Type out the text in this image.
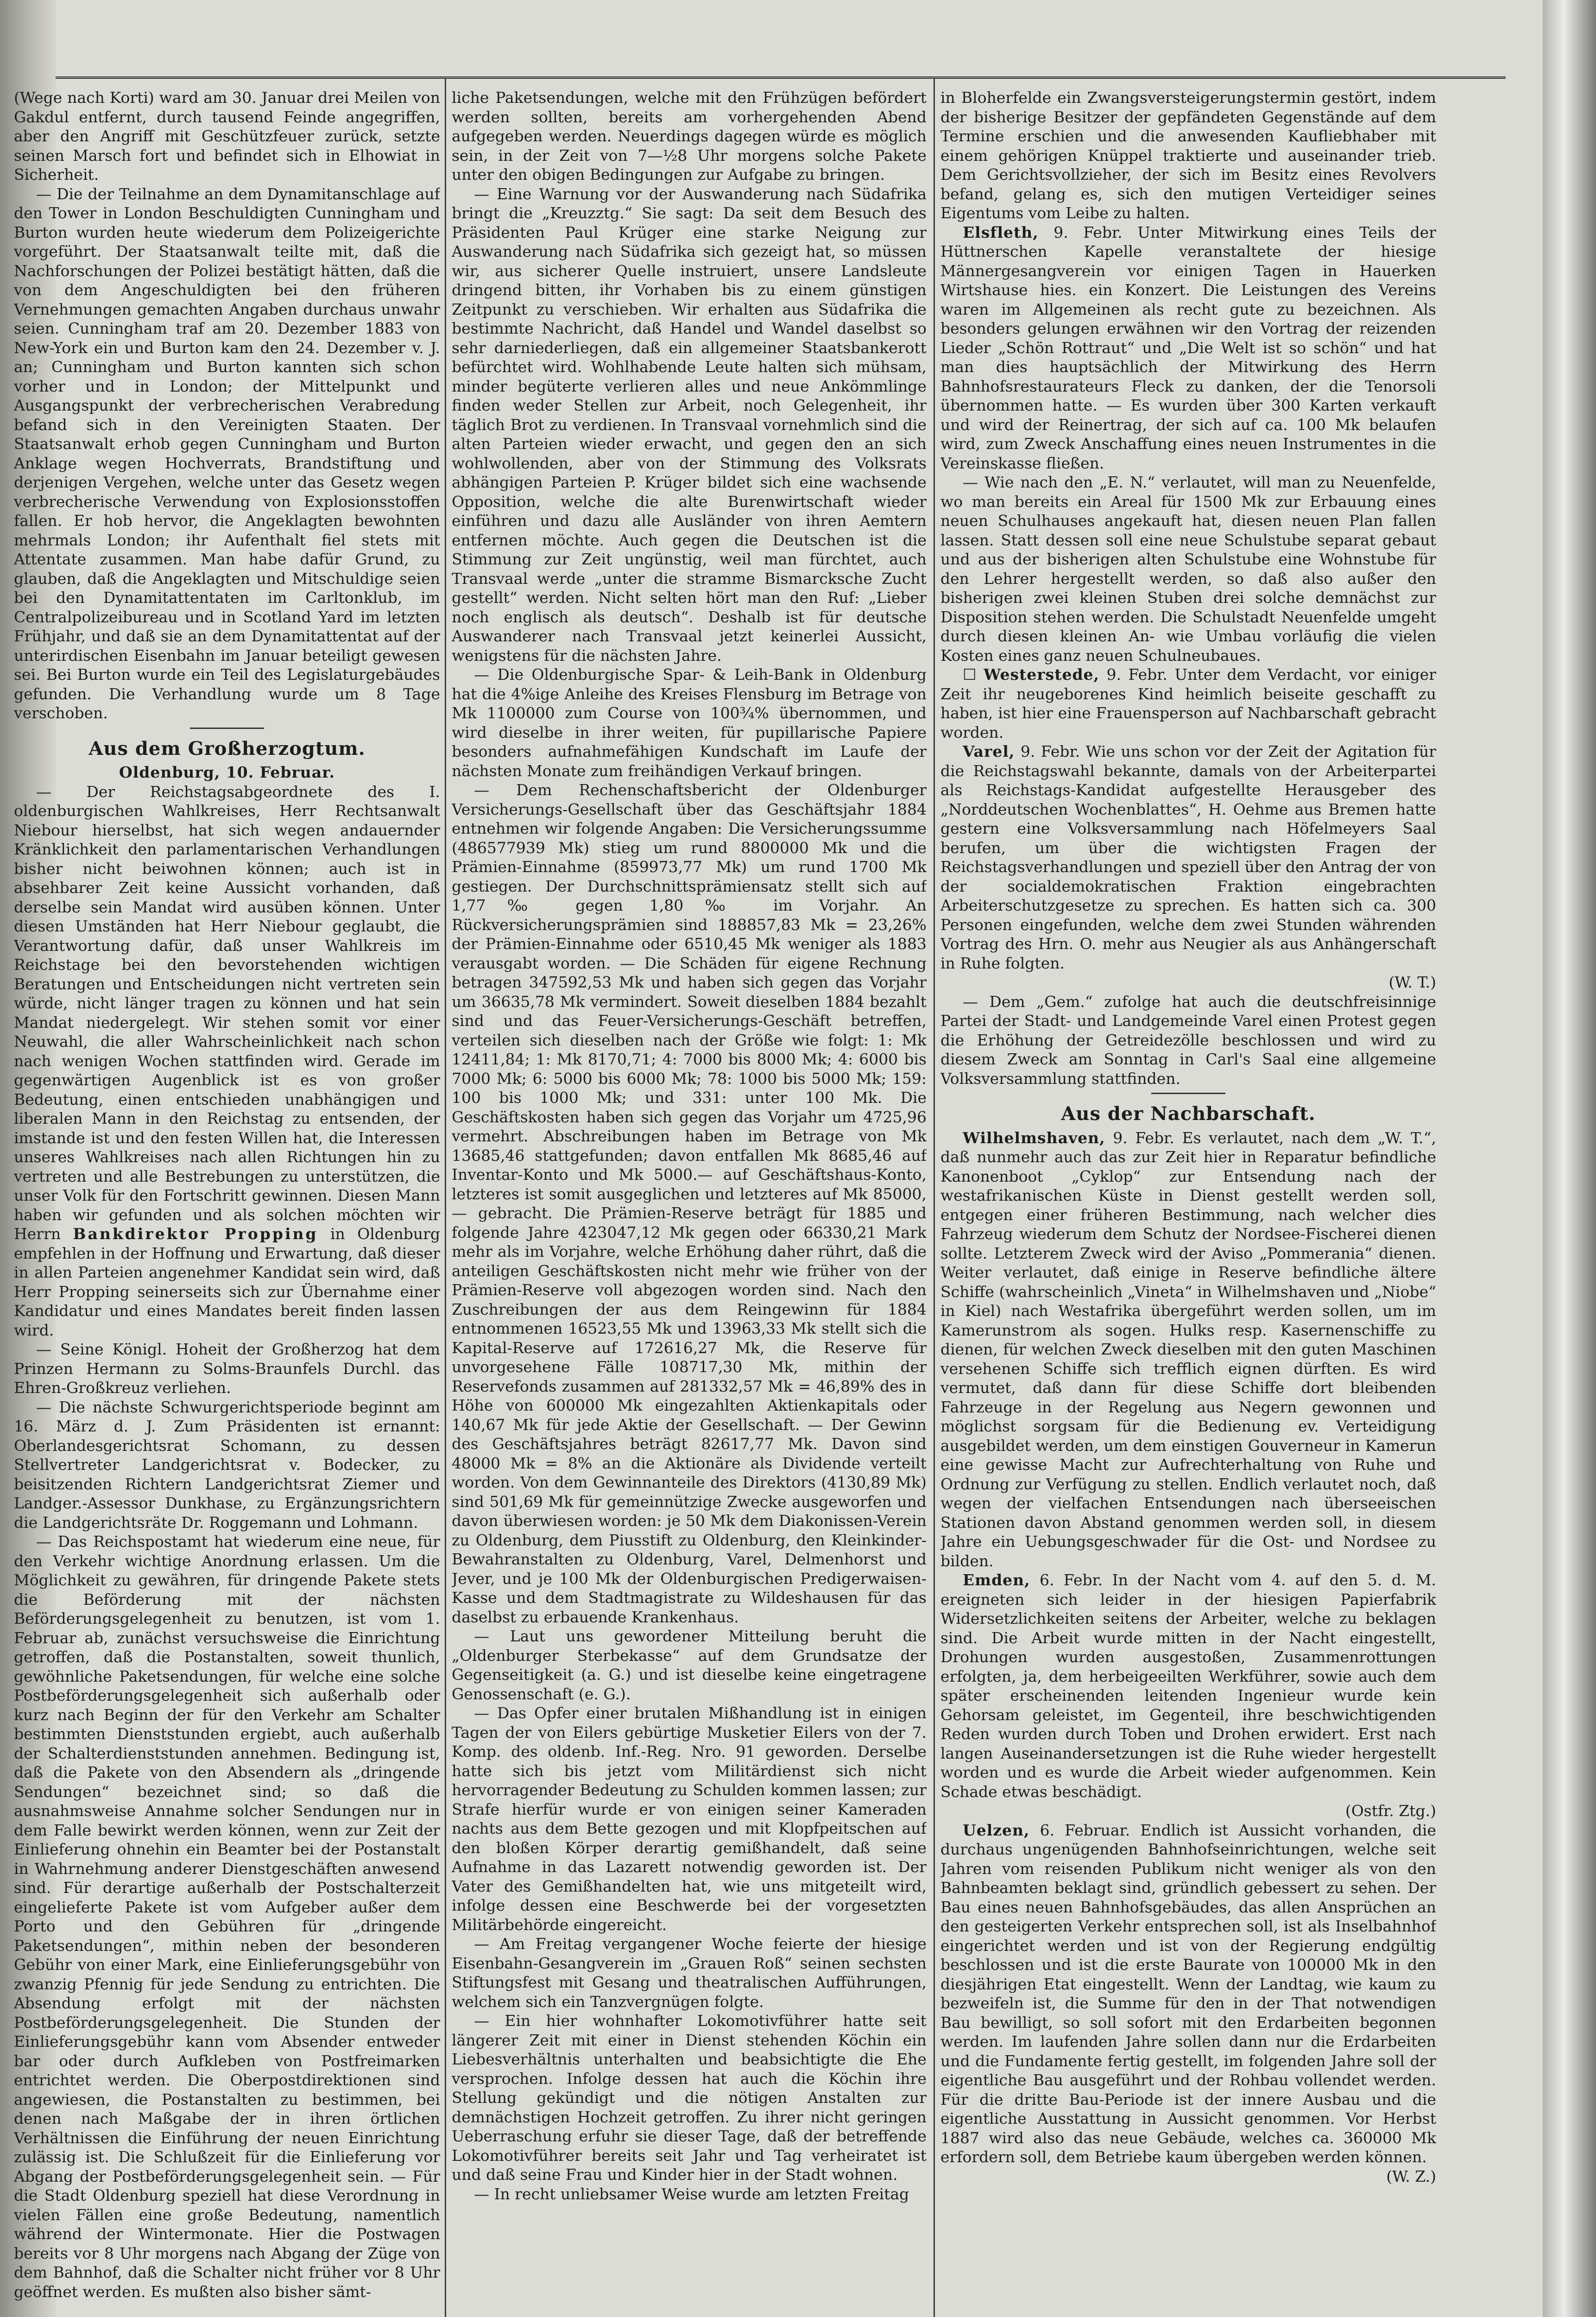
(Wege nach Korti) ward am 30. Januar drei Meilen von Gakdul entfernt, durch tausend Feinde angegriffen, aber den Angriff mit Geschützfeuer zurück, setzte seinen Marsch fort und befindet sich in Elhowiat in Sicherheit.

— Die der Teilnahme an dem Dynamitanschlage auf den Tower in London Beschuldigten Cunningham und Burton wurden heute wiederum dem Polizeigerichte vorgeführt. Der Staatsanwalt teilte mit, daß die Nachforschungen der Polizei bestätigt hätten, daß die von dem Angeschuldigten bei den früheren Vernehmungen gemachten Angaben durchaus unwahr seien. Cunningham traf am 20. Dezember 1883 von New-York ein und Burton kam den 24. Dezember v. J. an; Cunningham und Burton kannten sich schon vorher und in London; der Mittelpunkt und Ausgangspunkt der verbrecherischen Verabredung befand sich in den Vereinigten Staaten. Der Staatsanwalt erhob gegen Cunningham und Burton Anklage wegen Hochverrats, Brandstiftung und derjenigen Vergehen, welche unter das Gesetz wegen verbrecherische Verwendung von Explosionsstoffen fallen. Er hob hervor, die Angeklagten bewohnten mehrmals London; ihr Aufenthalt fiel stets mit Attentate zusammen. Man habe dafür Grund, zu glauben, daß die Angeklagten und Mitschuldige seien bei den Dynamitattentaten im Carltonklub, im Centralpolizeibureau und in Scotland Yard im letzten Frühjahr, und daß sie an dem Dynamitattentat auf der unterirdischen Eisenbahn im Januar beteiligt gewesen sei. Bei Burton wurde ein Teil des Legislaturgebäudes gefunden. Die Verhandlung wurde um 8 Tage verschoben.

Aus dem Großherzogtum.

Oldenburg, 10. Februar.

— Der Reichstagsabgeordnete des I. oldenburgischen Wahlkreises, Herr Rechtsanwalt Niebour hierselbst, hat sich wegen andauernder Kränklichkeit den parlamentarischen Verhandlungen bisher nicht beiwohnen können; auch ist in absehbarer Zeit keine Aussicht vorhanden, daß derselbe sein Mandat wird ausüben können. Unter diesen Umständen hat Herr Niebour geglaubt, die Verantwortung dafür, daß unser Wahlkreis im Reichstage bei den bevorstehenden wichtigen Beratungen und Entscheidungen nicht vertreten sein würde, nicht länger tragen zu können und hat sein Mandat niedergelegt. Wir stehen somit vor einer Neuwahl, die aller Wahrscheinlichkeit nach schon nach wenigen Wochen stattfinden wird. Gerade im gegenwärtigen Augenblick ist es von großer Bedeutung, einen entschieden unabhängigen und liberalen Mann in den Reichstag zu entsenden, der imstande ist und den festen Willen hat, die Interessen unseres Wahlkreises nach allen Richtungen hin zu vertreten und alle Bestrebungen zu unterstützen, die unser Volk für den Fortschritt gewinnen. Diesen Mann haben wir gefunden und als solchen möchten wir Herrn Bankdirektor Propping in Oldenburg empfehlen in der Hoffnung und Erwartung, daß dieser in allen Parteien angenehmer Kandidat sein wird, daß Herr Propping seinerseits sich zur Übernahme einer Kandidatur und eines Mandates bereit finden lassen wird.

— Seine Königl. Hoheit der Großherzog hat dem Prinzen Hermann zu Solms-Braunfels Durchl. das Ehren-Großkreuz verliehen.

— Die nächste Schwurgerichtsperiode beginnt am 16. März d. J. Zum Präsidenten ist ernannt: Oberlandesgerichtsrat Schomann, zu dessen Stellvertreter Landgerichtsrat v. Bodecker, zu beisitzenden Richtern Landgerichtsrat Ziemer und Landger.-Assessor Dunkhase, zu Ergänzungsrichtern die Landgerichtsräte Dr. Roggemann und Lohmann.

— Das Reichspostamt hat wiederum eine neue, für den Verkehr wichtige Anordnung erlassen. Um die Möglichkeit zu gewähren, für dringende Pakete stets die Beförderung mit der nächsten Beförderungsgelegenheit zu benutzen, ist vom 1. Februar ab, zunächst versuchsweise die Einrichtung getroffen, daß die Postanstalten, soweit thunlich, gewöhnliche Paketsendungen, für welche eine solche Postbeförderungsgelegenheit sich außerhalb oder kurz nach Beginn der für den Verkehr am Schalter bestimmten Dienststunden ergiebt, auch außerhalb der Schalterdienststunden annehmen. Bedingung ist, daß die Pakete von den Absendern als „dringende Sendungen“ bezeichnet sind; so daß die ausnahmsweise Annahme solcher Sendungen nur in dem Falle bewirkt werden können, wenn zur Zeit der Einlieferung ohnehin ein Beamter bei der Postanstalt in Wahrnehmung anderer Dienstgeschäften anwesend sind. Für derartige außerhalb der Postschalterzeit eingelieferte Pakete ist vom Aufgeber außer dem Porto und den Gebühren für „dringende Paketsendungen“, mithin neben der besonderen Gebühr von einer Mark, eine Einlieferungsgebühr von zwanzig Pfennig für jede Sendung zu entrichten. Die Absendung erfolgt mit der nächsten Postbeförderungsgelegenheit. Die Stunden der Einlieferungsgebühr kann vom Absender entweder bar oder durch Aufkleben von Postfreimarken entrichtet werden. Die Oberpostdirektionen sind angewiesen, die Postanstalten zu bestimmen, bei denen nach Maßgabe der in ihren örtlichen Verhältnissen die Einführung der neuen Einrichtung zulässig ist. Die Schlußzeit für die Einlieferung vor Abgang der Postbeförderungsgelegenheit sein. — Für die Stadt Oldenburg speziell hat diese Verordnung in vielen Fällen eine große Bedeutung, namentlich während der Wintermonate. Hier die Postwagen bereits vor 8 Uhr morgens nach Abgang der Züge von dem Bahnhof, daß die Schalter nicht früher vor 8 Uhr geöffnet werden. Es mußten also bisher sämt-

liche Paketsendungen, welche mit den Frühzügen befördert werden sollten, bereits am vorhergehenden Abend aufgegeben werden. Neuerdings dagegen würde es möglich sein, in der Zeit von 7—½8 Uhr morgens solche Pakete unter den obigen Bedingungen zur Aufgabe zu bringen.

— Eine Warnung vor der Auswanderung nach Südafrika bringt die „Kreuzztg.“ Sie sagt: Da seit dem Besuch des Präsidenten Paul Krüger eine starke Neigung zur Auswanderung nach Südafrika sich gezeigt hat, so müssen wir, aus sicherer Quelle instruiert, unsere Landsleute dringend bitten, ihr Vorhaben bis zu einem günstigen Zeitpunkt zu verschieben. Wir erhalten aus Südafrika die bestimmte Nachricht, daß Handel und Wandel daselbst so sehr darniederliegen, daß ein allgemeiner Staatsbankerott befürchtet wird. Wohlhabende Leute halten sich mühsam, minder begüterte verlieren alles und neue Ankömmlinge finden weder Stellen zur Arbeit, noch Gelegenheit, ihr täglich Brot zu verdienen. In Transvaal vornehmlich sind die alten Parteien wieder erwacht, und gegen den an sich wohlwollenden, aber von der Stimmung des Volksrats abhängigen Parteien P. Krüger bildet sich eine wachsende Opposition, welche die alte Burenwirtschaft wieder einführen und dazu alle Ausländer von ihren Aemtern entfernen möchte. Auch gegen die Deutschen ist die Stimmung zur Zeit ungünstig, weil man fürchtet, auch Transvaal werde „unter die stramme Bismarcksche Zucht gestellt“ werden. Nicht selten hört man den Ruf: „Lieber noch englisch als deutsch“. Deshalb ist für deutsche Auswanderer nach Transvaal jetzt keinerlei Aussicht, wenigstens für die nächsten Jahre.

— Die Oldenburgische Spar- & Leih-Bank in Oldenburg hat die 4%ige Anleihe des Kreises Flensburg im Betrage von Mk 1100000 zum Course von 100¾% übernommen, und wird dieselbe in ihrer weiten, für pupillarische Papiere besonders aufnahmefähigen Kundschaft im Laufe der nächsten Monate zum freihändigen Verkauf bringen.

— Dem Rechenschaftsbericht der Oldenburger Versicherungs-Gesellschaft über das Geschäftsjahr 1884 entnehmen wir folgende Angaben: Die Versicherungssumme (486577939 Mk) stieg um rund 8800000 Mk und die Prämien-Einnahme (859973,77 Mk) um rund 1700 Mk gestiegen. Der Durchschnittsprämiensatz stellt sich auf 1,77‰ gegen 1,80‰ im Vorjahr. An Rückversicherungsprämien sind 188857,83 Mk = 23,26% der Prämien-Einnahme oder 6510,45 Mk weniger als 1883 verausgabt worden. — Die Schäden für eigene Rechnung betragen 347592,53 Mk und haben sich gegen das Vorjahr um 36635,78 Mk vermindert. Soweit dieselben 1884 bezahlt sind und das Feuer-Versicherungs-Geschäft betreffen, verteilen sich dieselben nach der Größe wie folgt: 1: Mk 12411,84; 1: Mk 8170,71; 4: 7000 bis 8000 Mk; 4: 6000 bis 7000 Mk; 6: 5000 bis 6000 Mk; 78: 1000 bis 5000 Mk; 159: 100 bis 1000 Mk; und 331: unter 100 Mk. Die Geschäftskosten haben sich gegen das Vorjahr um 4725,96 vermehrt. Abschreibungen haben im Betrage von Mk 13685,46 stattgefunden; davon entfallen Mk 8685,46 auf Inventar-Konto und Mk 5000.— auf Geschäftshaus-Konto, letzteres ist somit ausgeglichen und letzteres auf Mk 85000,— gebracht. Die Prämien-Reserve beträgt für 1885 und folgende Jahre 423047,12 Mk gegen oder 66330,21 Mark mehr als im Vorjahre, welche Erhöhung daher rührt, daß die anteiligen Geschäftskosten nicht mehr wie früher von der Prämien-Reserve voll abgezogen worden sind. Nach den Zuschreibungen der aus dem Reingewinn für 1884 entnommenen 16523,55 Mk und 13963,33 Mk stellt sich die Kapital-Reserve auf 172616,27 Mk, die Reserve für unvorgesehene Fälle 108717,30 Mk, mithin der Reservefonds zusammen auf 281332,57 Mk = 46,89% des in Höhe von 600000 Mk eingezahlten Aktienkapitals oder 140,67 Mk für jede Aktie der Gesellschaft. — Der Gewinn des Geschäftsjahres beträgt 82617,77 Mk. Davon sind 48000 Mk = 8% an die Aktionäre als Dividende verteilt worden. Von dem Gewinnanteile des Direktors (4130,89 Mk) sind 501,69 Mk für gemeinnützige Zwecke ausgeworfen und davon überwiesen worden: je 50 Mk dem Diakonissen-Verein zu Oldenburg, dem Piusstift zu Oldenburg, den Kleinkinder-Bewahranstalten zu Oldenburg, Varel, Delmenhorst und Jever, und je 100 Mk der Oldenburgischen Predigerwaisen-Kasse und dem Stadtmagistrate zu Wildeshausen für das daselbst zu erbauende Krankenhaus.

— Laut uns gewordener Mitteilung beruht die „Oldenburger Sterbekasse“ auf dem Grundsatze der Gegenseitigkeit (a. G.) und ist dieselbe keine eingetragene Genossenschaft (e. G.).

— Das Opfer einer brutalen Mißhandlung ist in einigen Tagen der von Eilers gebürtige Musketier Eilers von der 7. Komp. des oldenb. Inf.-Reg. Nro. 91 geworden. Derselbe hatte sich bis jetzt vom Militärdienst sich nicht hervorragender Bedeutung zu Schulden kommen lassen; zur Strafe hierfür wurde er von einigen seiner Kameraden nachts aus dem Bette gezogen und mit Klopfpeitschen auf den bloßen Körper derartig gemißhandelt, daß seine Aufnahme in das Lazarett notwendig geworden ist. Der Vater des Gemißhandelten hat, wie uns mitgeteilt wird, infolge dessen eine Beschwerde bei der vorgesetzten Militärbehörde eingereicht.

— Am Freitag vergangener Woche feierte der hiesige Eisenbahn-Gesangverein im „Grauen Roß“ seinen sechsten Stiftungsfest mit Gesang und theatralischen Aufführungen, welchem sich ein Tanzvergnügen folgte.

— Ein hier wohnhafter Lokomotivführer hatte seit längerer Zeit mit einer in Dienst stehenden Köchin ein Liebesverhältnis unterhalten und beabsichtigte die Ehe versprochen. Infolge dessen hat auch die Köchin ihre Stellung gekündigt und die nötigen Anstalten zur demnächstigen Hochzeit getroffen. Zu ihrer nicht geringen Ueberraschung erfuhr sie dieser Tage, daß der betreffende Lokomotivführer bereits seit Jahr und Tag verheiratet ist und daß seine Frau und Kinder hier in der Stadt wohnen.

— In recht unliebsamer Weise wurde am letzten Freitag

in Bloherfelde ein Zwangsversteigerungstermin gestört, indem der bisherige Besitzer der gepfändeten Gegenstände auf dem Termine erschien und die anwesenden Kaufliebhaber mit einem gehörigen Knüppel traktierte und auseinander trieb. Dem Gerichtsvollzieher, der sich im Besitz eines Revolvers befand, gelang es, sich den mutigen Verteidiger seines Eigentums vom Leibe zu halten.

Elsfleth, 9. Febr. Unter Mitwirkung eines Teils der Hüttnerschen Kapelle veranstaltete der hiesige Männergesangverein vor einigen Tagen in Hauerken Wirtshause hies. ein Konzert. Die Leistungen des Vereins waren im Allgemeinen als recht gute zu bezeichnen. Als besonders gelungen erwähnen wir den Vortrag der reizenden Lieder „Schön Rottraut“ und „Die Welt ist so schön“ und hat man dies hauptsächlich der Mitwirkung des Herrn Bahnhofsrestaurateurs Fleck zu danken, der die Tenorsoli übernommen hatte. — Es wurden über 300 Karten verkauft und wird der Reinertrag, der sich auf ca. 100 Mk belaufen wird, zum Zweck Anschaffung eines neuen Instrumentes in die Vereinskasse fließen.

— Wie nach den „E. N.“ verlautet, will man zu Neuenfelde, wo man bereits ein Areal für 1500 Mk zur Erbauung eines neuen Schulhauses angekauft hat, diesen neuen Plan fallen lassen. Statt dessen soll eine neue Schulstube separat gebaut und aus der bisherigen alten Schulstube eine Wohnstube für den Lehrer hergestellt werden, so daß also außer den bisherigen zwei kleinen Stuben drei solche demnächst zur Disposition stehen werden. Die Schulstadt Neuenfelde umgeht durch diesen kleinen An- wie Umbau vorläufig die vielen Kosten eines ganz neuen Schulneubaues.

☐ Westerstede, 9. Febr. Unter dem Verdacht, vor einiger Zeit ihr neugeborenes Kind heimlich beiseite geschafft zu haben, ist hier eine Frauensperson auf Nachbarschaft gebracht worden.

Varel, 9. Febr. Wie uns schon vor der Zeit der Agitation für die Reichstagswahl bekannte, damals von der Arbeiterpartei als Reichstags-Kandidat aufgestellte Herausgeber des „Norddeutschen Wochenblattes“, H. Oehme aus Bremen hatte gestern eine Volksversammlung nach Höfelmeyers Saal berufen, um über die wichtigsten Fragen der Reichstagsverhandlungen und speziell über den Antrag der von der socialdemokratischen Fraktion eingebrachten Arbeiterschutzgesetze zu sprechen. Es hatten sich ca. 300 Personen eingefunden, welche dem zwei Stunden währenden Vortrag des Hrn. O. mehr aus Neugier als aus Anhängerschaft in Ruhe folgten.

(W. T.)

— Dem „Gem.“ zufolge hat auch die deutschfreisinnige Partei der Stadt- und Landgemeinde Varel einen Protest gegen die Erhöhung der Getreidezölle beschlossen und wird zu diesem Zweck am Sonntag in Carl's Saal eine allgemeine Volksversammlung stattfinden.

Aus der Nachbarschaft.

Wilhelmshaven, 9. Febr. Es verlautet, nach dem „W. T.“, daß nunmehr auch das zur Zeit hier in Reparatur befindliche Kanonenboot „Cyklop“ zur Entsendung nach der westafrikanischen Küste in Dienst gestellt werden soll, entgegen einer früheren Bestimmung, nach welcher dies Fahrzeug wiederum dem Schutz der Nordsee-Fischerei dienen sollte. Letzterem Zweck wird der Aviso „Pommerania“ dienen. Weiter verlautet, daß einige in Reserve befindliche ältere Schiffe (wahrscheinlich „Vineta“ in Wilhelmshaven und „Niobe“ in Kiel) nach Westafrika übergeführt werden sollen, um im Kamerunstrom als sogen. Hulks resp. Kasernenschiffe zu dienen, für welchen Zweck dieselben mit den guten Maschinen versehenen Schiffe sich trefflich eignen dürften. Es wird vermutet, daß dann für diese Schiffe dort bleibenden Fahrzeuge in der Regelung aus Negern gewonnen und möglichst sorgsam für die Bedienung ev. Verteidigung ausgebildet werden, um dem einstigen Gouverneur in Kamerun eine gewisse Macht zur Aufrechterhaltung von Ruhe und Ordnung zur Verfügung zu stellen. Endlich verlautet noch, daß wegen der vielfachen Entsendungen nach überseeischen Stationen davon Abstand genommen werden soll, in diesem Jahre ein Uebungsgeschwader für die Ost- und Nordsee zu bilden.

Emden, 6. Febr. In der Nacht vom 4. auf den 5. d. M. ereigneten sich leider in der hiesigen Papierfabrik Widersetzlichkeiten seitens der Arbeiter, welche zu beklagen sind. Die Arbeit wurde mitten in der Nacht eingestellt, Drohungen wurden ausgestoßen, Zusammenrottungen erfolgten, ja, dem herbeigeeilten Werkführer, sowie auch dem später erscheinenden leitenden Ingenieur wurde kein Gehorsam geleistet, im Gegenteil, ihre beschwichtigenden Reden wurden durch Toben und Drohen erwidert. Erst nach langen Auseinandersetzungen ist die Ruhe wieder hergestellt worden und es wurde die Arbeit wieder aufgenommen. Kein Schade etwas beschädigt.

(Ostfr. Ztg.)

Uelzen, 6. Februar. Endlich ist Aussicht vorhanden, die durchaus ungenügenden Bahnhofseinrichtungen, welche seit Jahren vom reisenden Publikum nicht weniger als von den Bahnbeamten beklagt sind, gründlich gebessert zu sehen. Der Bau eines neuen Bahnhofsgebäudes, das allen Ansprüchen an den gesteigerten Verkehr entsprechen soll, ist als Inselbahnhof eingerichtet werden und ist von der Regierung endgültig beschlossen und ist die erste Baurate von 100000 Mk in den diesjährigen Etat eingestellt. Wenn der Landtag, wie kaum zu bezweifeln ist, die Summe für den in der That notwendigen Bau bewilligt, so soll sofort mit den Erdarbeiten begonnen werden. Im laufenden Jahre sollen dann nur die Erdarbeiten und die Fundamente fertig gestellt, im folgenden Jahre soll der eigentliche Bau ausgeführt und der Rohbau vollendet werden. Für die dritte Bau-Periode ist der innere Ausbau und die eigentliche Ausstattung in Aussicht genommen. Vor Herbst 1887 wird also das neue Gebäude, welches ca. 360000 Mk erfordern soll, dem Betriebe kaum übergeben werden können.

(W. Z.)
